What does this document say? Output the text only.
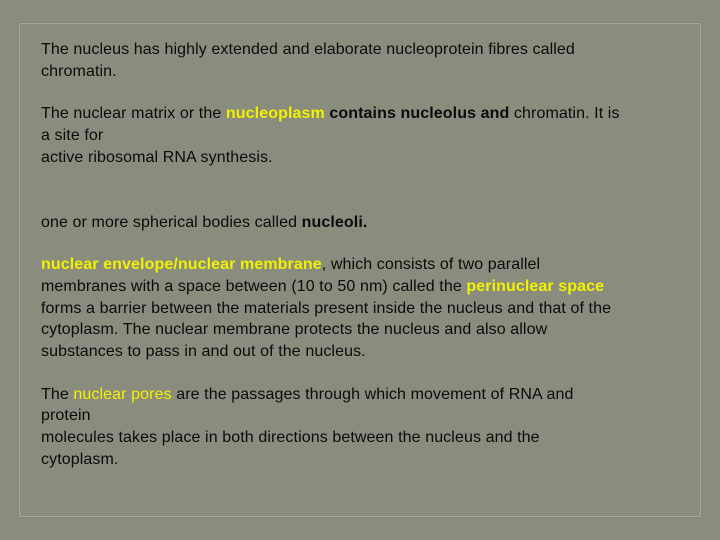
The nucleus has highly extended and elaborate nucleoprotein fibres called
chromatin.
The nuclear matrix or the nucleoplasm contains nucleolus and chromatin. It is
a site for
active ribosomal RNA synthesis.
one or more spherical bodies called nucleoli.
nuclear envelope/nuclear membrane, which consists of two parallel
membranes with a space between (10 to 50 nm) called the perinuclear space
forms a barrier between the materials present inside the nucleus and that of the
cytoplasm. The nuclear membrane protects the nucleus and also allow
substances to pass in and out of the nucleus.
The nuclear pores are the passages through which movement of RNA and
protein
molecules takes place in both directions between the nucleus and the
cytoplasm.
